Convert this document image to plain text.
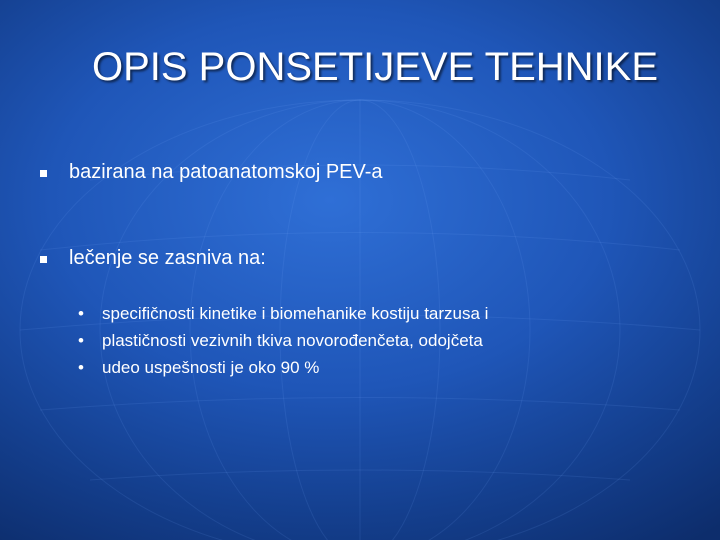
OPIS PONSETIJEVE TEHNIKE
bazirana na patoanatomskoj PEV-a
lečenje se zasniva na:
•	specifičnosti kinetike i biomehanike kostiju tarzusa i
•	plastičnosti vezivnih tkiva novorođenčeta, odojčeta
•	udeo uspešnosti je oko 90 %
